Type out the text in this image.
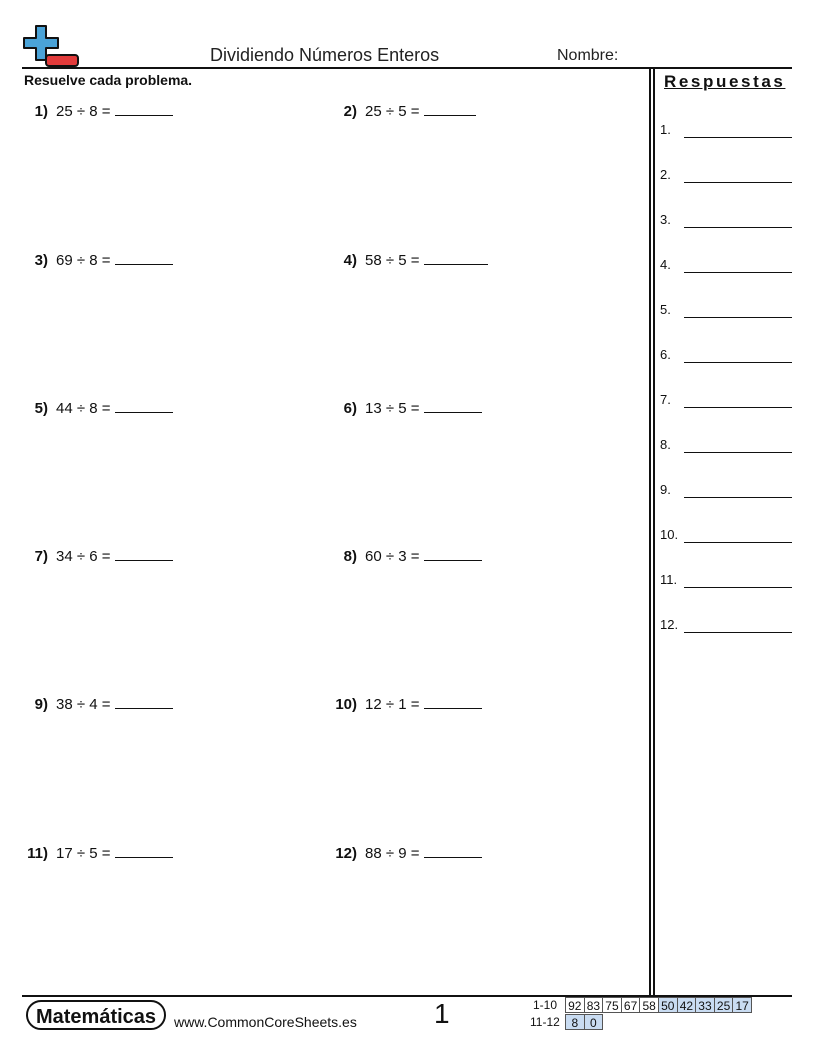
Dividiendo Números Enteros	Nombre:
Resuelve cada problema.
1) 25 ÷ 8 =	2) 25 ÷ 5 =
3) 69 ÷ 8 =	4) 58 ÷ 5 =
5) 44 ÷ 8 =	6) 13 ÷ 5 =
7) 34 ÷ 6 =	8) 60 ÷ 3 =
9) 38 ÷ 4 =	10) 12 ÷ 1 =
11) 17 ÷ 5 =	12) 88 ÷ 9 =
Respuestas
1.
2.
3.
4.
5.
6.
7.
8.
9.
10.
11.
12.
Matemáticas	www.CommonCoreSheets.es	1	1-10 92 83 75 67 58 50 42 33 25 17
11-12 8 0
